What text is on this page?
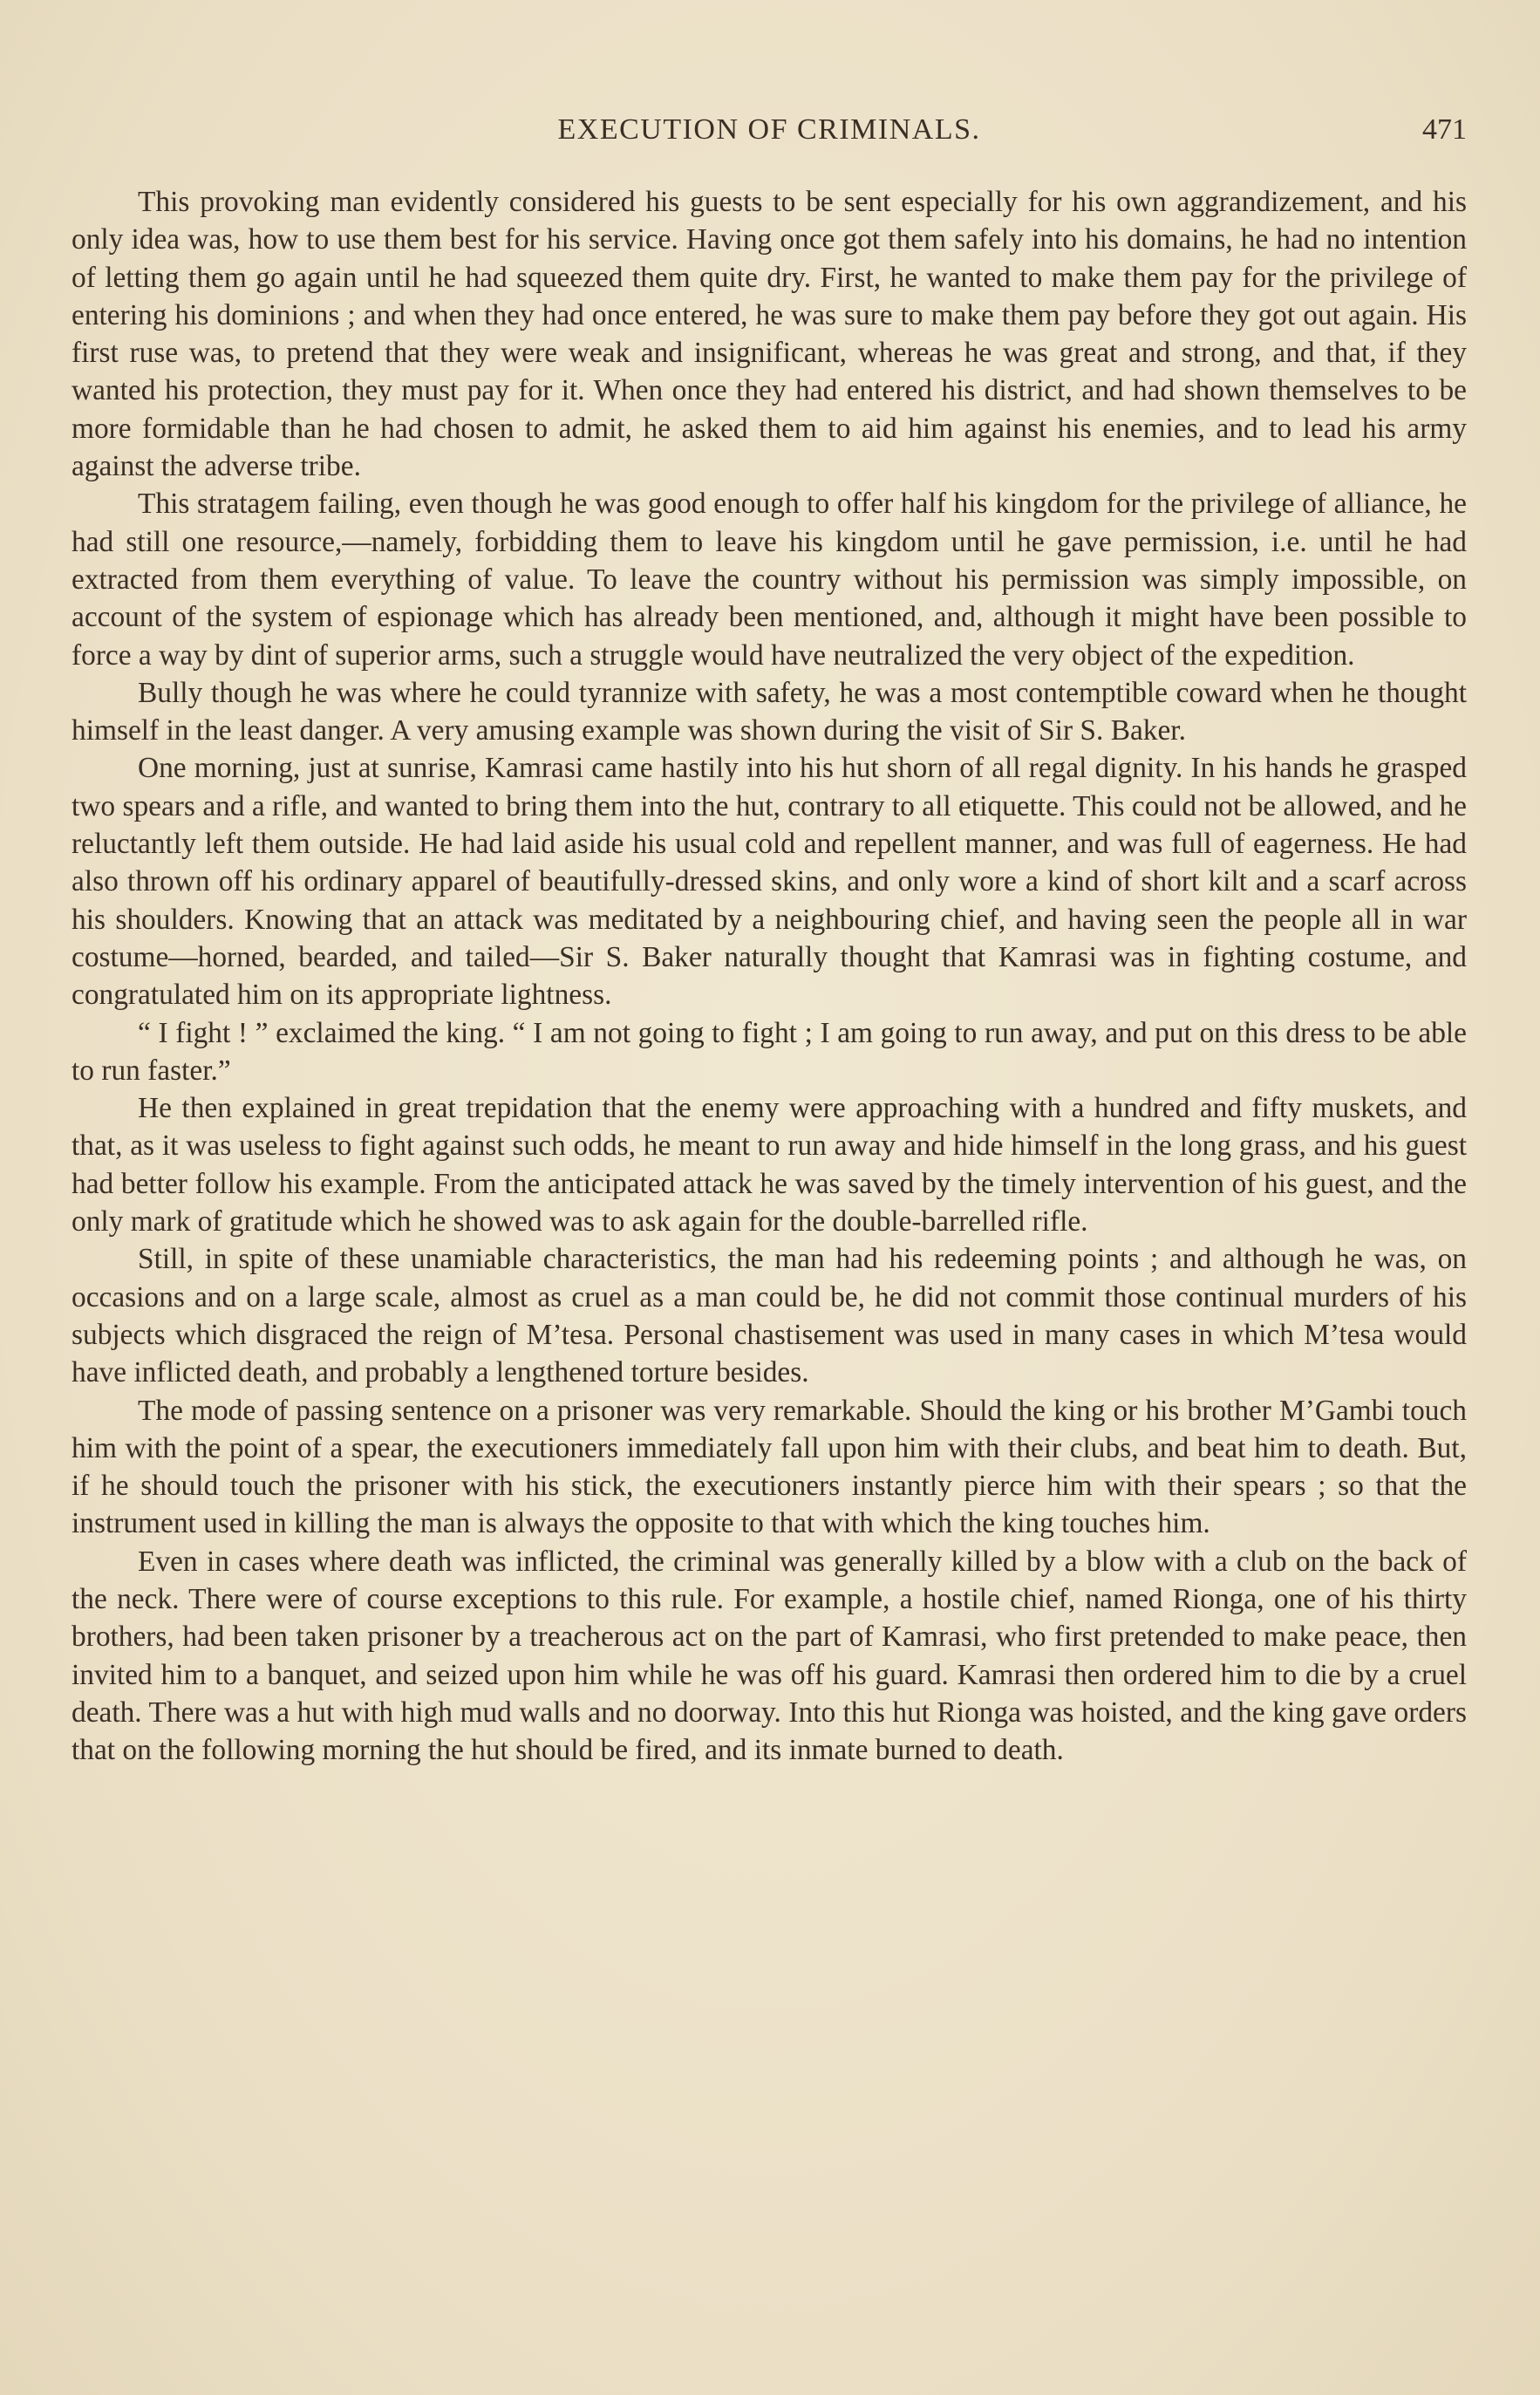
EXECUTION OF CRIMINALS.	471

This provoking man evidently considered his guests to be sent especially for his own aggrandizement, and his only idea was, how to use them best for his service. Having once got them safely into his domains, he had no intention of letting them go again until he had squeezed them quite dry. First, he wanted to make them pay for the privilege of entering his dominions ; and when they had once entered, he was sure to make them pay before they got out again. His first ruse was, to pretend that they were weak and insignificant, whereas he was great and strong, and that, if they wanted his protection, they must pay for it. When once they had entered his district, and had shown themselves to be more formidable than he had chosen to admit, he asked them to aid him against his enemies, and to lead his army against the adverse tribe.

This stratagem failing, even though he was good enough to offer half his kingdom for the privilege of alliance, he had still one resource,—namely, forbidding them to leave his kingdom until he gave permission, i.e. until he had extracted from them everything of value. To leave the country without his permission was simply impossible, on account of the system of espionage which has already been mentioned, and, although it might have been possible to force a way by dint of superior arms, such a struggle would have neutralized the very object of the expedition.

Bully though he was where he could tyrannize with safety, he was a most contemptible coward when he thought himself in the least danger. A very amusing example was shown during the visit of Sir S. Baker.

One morning, just at sunrise, Kamrasi came hastily into his hut shorn of all regal dignity. In his hands he grasped two spears and a rifle, and wanted to bring them into the hut, contrary to all etiquette. This could not be allowed, and he reluctantly left them outside. He had laid aside his usual cold and repellent manner, and was full of eagerness. He had also thrown off his ordinary apparel of beautifully-dressed skins, and only wore a kind of short kilt and a scarf across his shoulders. Knowing that an attack was meditated by a neighbouring chief, and having seen the people all in war costume—horned, bearded, and tailed—Sir S. Baker naturally thought that Kamrasi was in fighting costume, and congratulated him on its appropriate lightness.

“ I fight ! ” exclaimed the king. “ I am not going to fight ; I am going to run away, and put on this dress to be able to run faster.”

He then explained in great trepidation that the enemy were approaching with a hundred and fifty muskets, and that, as it was useless to fight against such odds, he meant to run away and hide himself in the long grass, and his guest had better follow his example. From the anticipated attack he was saved by the timely intervention of his guest, and the only mark of gratitude which he showed was to ask again for the double-barrelled rifle.

Still, in spite of these unamiable characteristics, the man had his redeeming points ; and although he was, on occasions and on a large scale, almost as cruel as a man could be, he did not commit those continual murders of his subjects which disgraced the reign of M’tesa. Personal chastisement was used in many cases in which M’tesa would have inflicted death, and probably a lengthened torture besides.

The mode of passing sentence on a prisoner was very remarkable. Should the king or his brother M’Gambi touch him with the point of a spear, the executioners immediately fall upon him with their clubs, and beat him to death. But, if he should touch the prisoner with his stick, the executioners instantly pierce him with their spears ; so that the instrument used in killing the man is always the opposite to that with which the king touches him.

Even in cases where death was inflicted, the criminal was generally killed by a blow with a club on the back of the neck. There were of course exceptions to this rule. For example, a hostile chief, named Rionga, one of his thirty brothers, had been taken prisoner by a treacherous act on the part of Kamrasi, who first pretended to make peace, then invited him to a banquet, and seized upon him while he was off his guard. Kamrasi then ordered him to die by a cruel death. There was a hut with high mud walls and no doorway. Into this hut Rionga was hoisted, and the king gave orders that on the following morning the hut should be fired, and its inmate burned to death.
